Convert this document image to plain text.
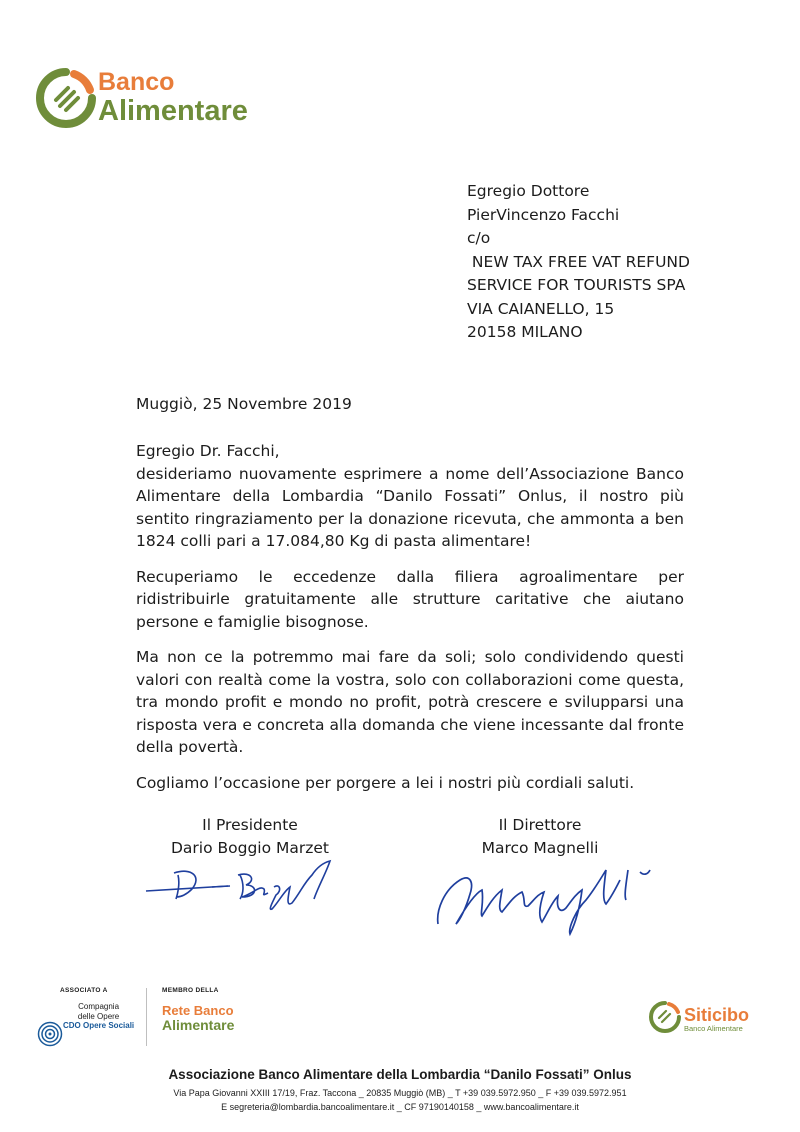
Banco
Alimentare
Egregio Dottore
PierVincenzo Facchi
c/o
NEW TAX FREE VAT REFUND
SERVICE FOR TOURISTS SPA
VIA CAIANELLO, 15
20158 MILANO
Muggiò, 25 Novembre 2019

Egregio Dr. Facchi,

desideriamo nuovamente esprimere a nome dell’Associazione Banco Alimentare della Lombardia “Danilo Fossati” Onlus, il nostro più sentito ringraziamento per la donazione ricevuta, che ammonta a ben 1824 colli pari a 17.084,80 Kg di pasta alimentare!

Recuperiamo le eccedenze dalla filiera agroalimentare per ridistribuirle gratuitamente alle strutture caritative che aiutano persone e famiglie bisognose.

Ma non ce la potremmo mai fare da soli; solo condividendo questi valori con realtà come la vostra, solo con collaborazioni come questa, tra mondo profit e mondo no profit, potrà crescere e svilupparsi una risposta vera e concreta alla domanda che viene incessante dal fronte della povertà.

Cogliamo l’occasione per porgere a lei i nostri più cordiali saluti.

Il Presidente
Dario Boggio Marzet
Il Direttore
Marco Magnelli
ASSOCIATO A
Compagnia
delle Opere
CDO Opere Sociali
MEMBRO DELLA
Rete Banco
Alimentare	Siticibo
Banco Alimentare
Associazione Banco Alimentare della Lombardia “Danilo Fossati” Onlus
Via Papa Giovanni XXIII 17/19, Fraz. Taccona _ 20835 Muggiò (MB) _ T +39 039.5972.950 _ F +39 039.5972.951
E segreteria@lombardia.bancoalimentare.it _ CF 97190140158 _ www.bancoalimentare.it
